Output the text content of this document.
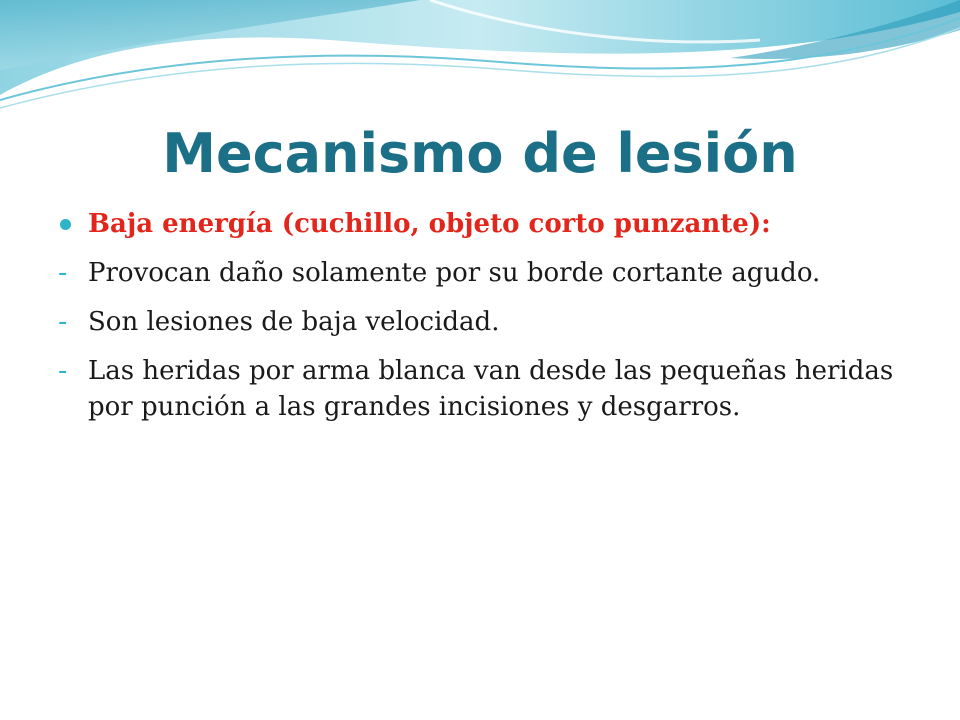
Mecanismo de lesión
Baja energía (cuchillo, objeto corto punzante):
- Provocan daño solamente por su borde cortante agudo.
- Son lesiones de baja velocidad.
- Las heridas por arma blanca van desde las pequeñas heridas por punción a las grandes incisiones y desgarros.
